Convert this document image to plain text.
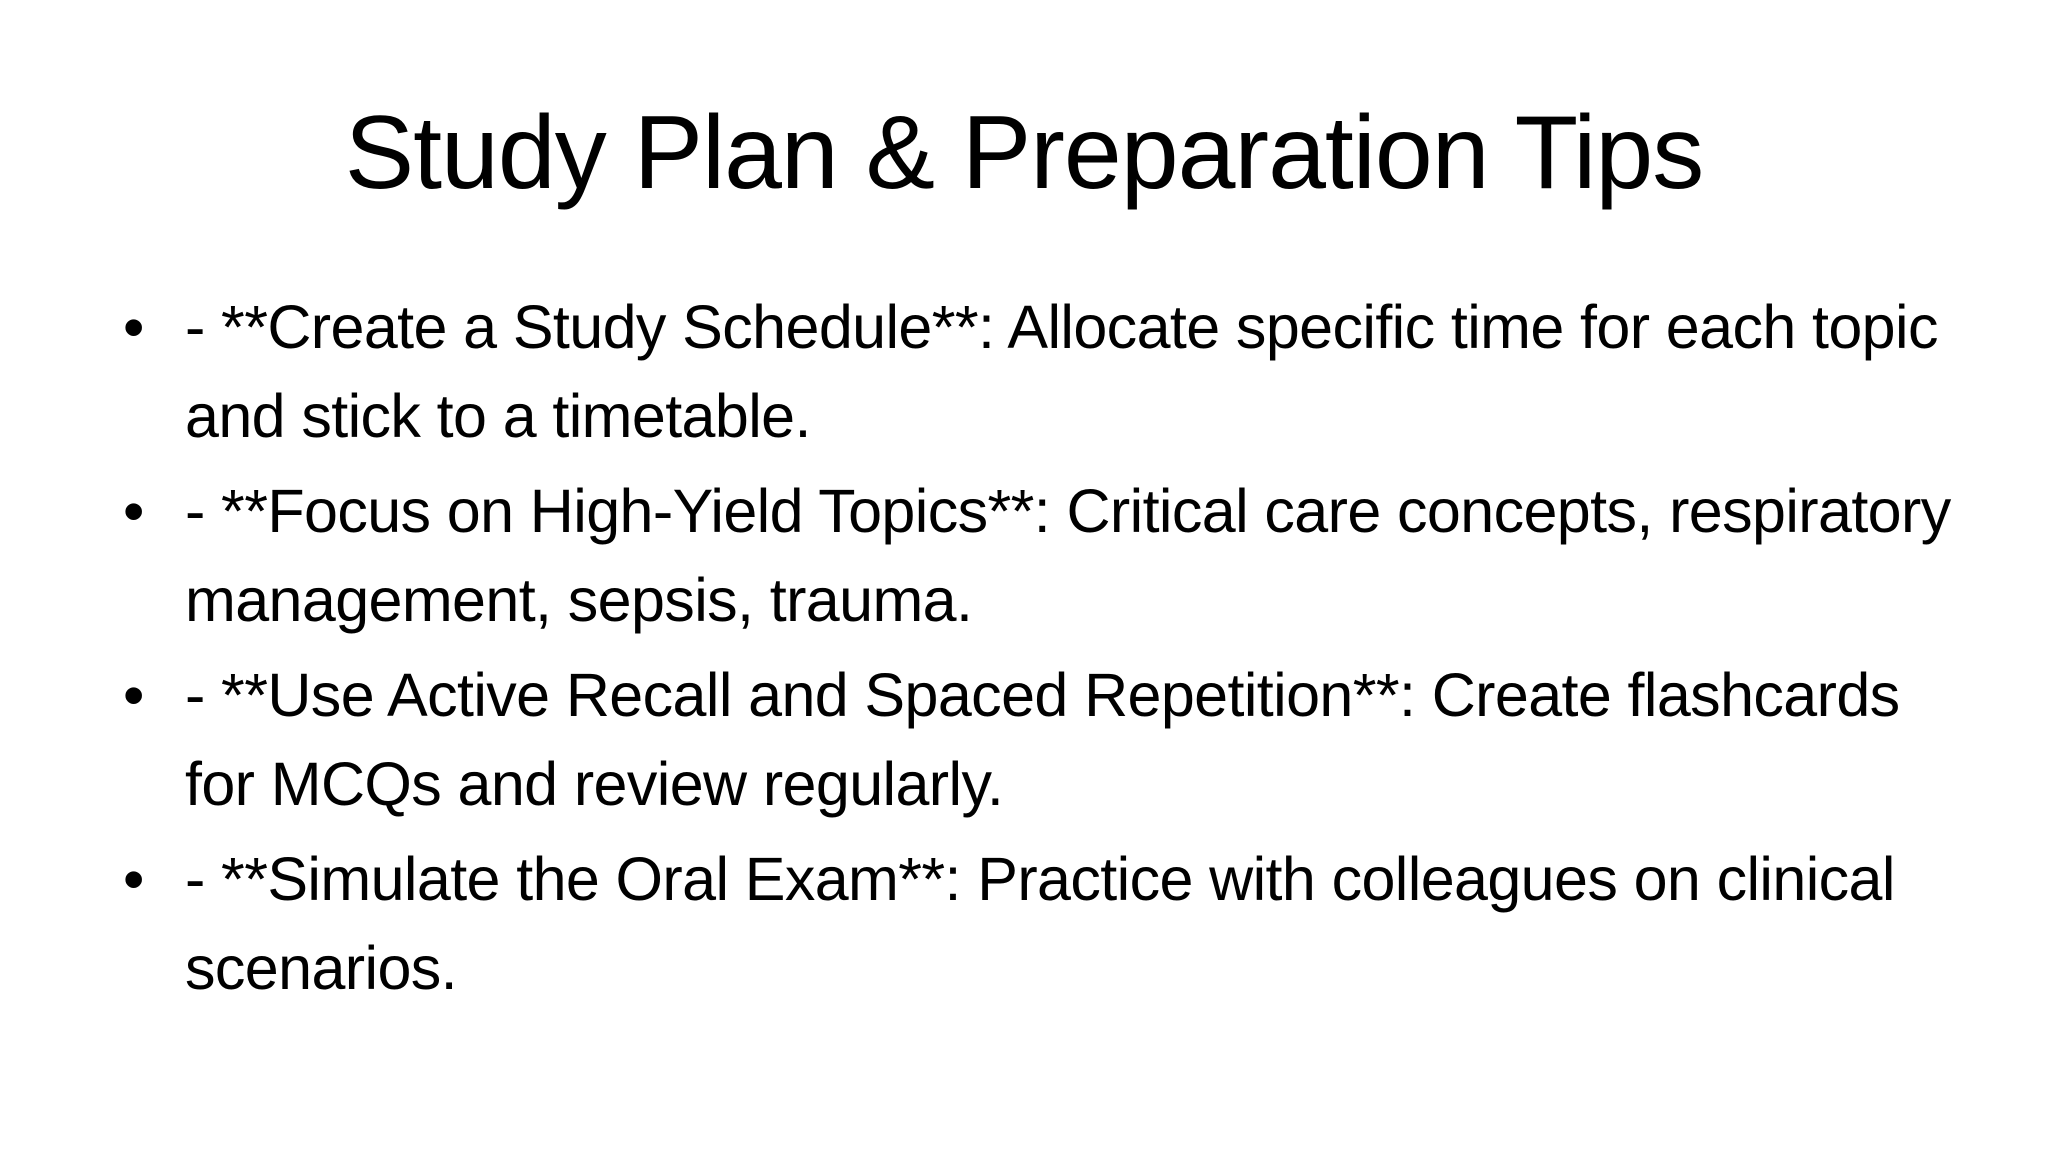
Study Plan & Preparation Tips
• - **Create a Study Schedule**: Allocate specific time for each topic and stick to a timetable.
• - **Focus on High-Yield Topics**: Critical care concepts, respiratory management, sepsis, trauma.
• - **Use Active Recall and Spaced Repetition**: Create flashcards for MCQs and review regularly.
• - **Simulate the Oral Exam**: Practice with colleagues on clinical scenarios.
